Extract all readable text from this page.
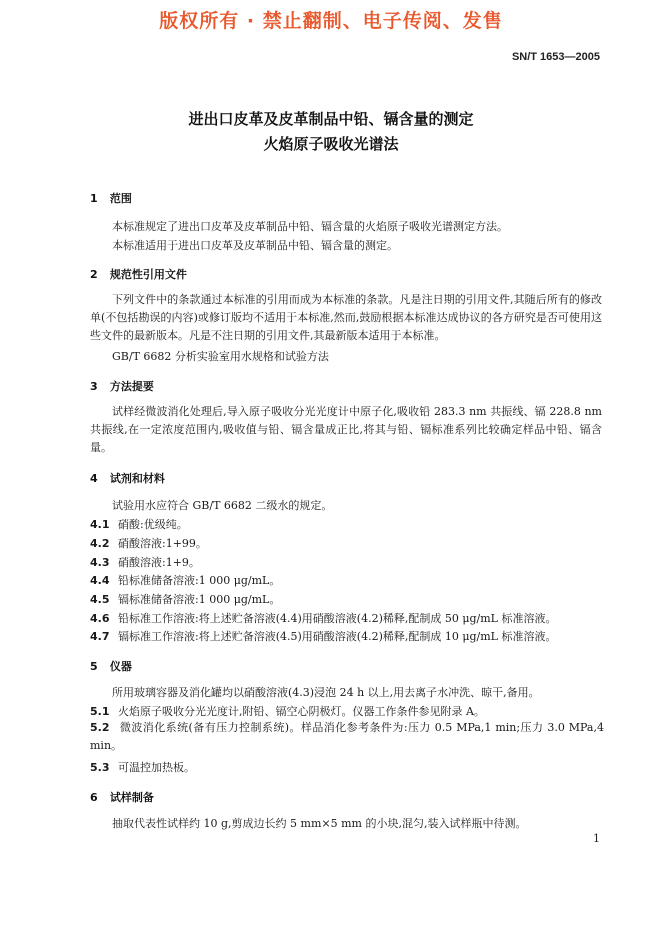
版权所有 · 禁止翻制、电子传阅、发售
SN/T 1653—2005
进出口皮革及皮革制品中铅、镉含量的测定
火焰原子吸收光谱法
1 范围
本标准规定了进出口皮革及皮革制品中铅、镉含量的火焰原子吸收光谱测定方法。
本标准适用于进出口皮革及皮革制品中铅、镉含量的测定。
2 规范性引用文件
下列文件中的条款通过本标准的引用而成为本标准的条款。凡是注日期的引用文件,其随后所有的修改单(不包括勘误的内容)或修订版均不适用于本标准,然而,鼓励根据本标准达成协议的各方研究是否可使用这些文件的最新版本。凡是不注日期的引用文件,其最新版本适用于本标准。
GB/T 6682 分析实验室用水规格和试验方法
3 方法提要
试样经微波消化处理后,导入原子吸收分光光度计中原子化,吸收铅 283.3 nm 共振线、镉 228.8 nm共振线,在一定浓度范围内,吸收值与铅、镉含量成正比,将其与铅、镉标准系列比较确定样品中铅、镉含量。
4 试剂和材料
试验用水应符合 GB/T 6682 二级水的规定。
4.1 硝酸:优级纯。
4.2 硝酸溶液:1+99。
4.3 硝酸溶液:1+9。
4.4 铅标准储备溶液:1 000 μg/mL。
4.5 镉标准储备溶液:1 000 μg/mL。
4.6 铅标准工作溶液:将上述贮备溶液(4.4)用硝酸溶液(4.2)稀释,配制成 50 μg/mL 标准溶液。
4.7 镉标准工作溶液:将上述贮备溶液(4.5)用硝酸溶液(4.2)稀释,配制成 10 μg/mL 标准溶液。
5 仪器
所用玻璃容器及消化罐均以硝酸溶液(4.3)浸泡 24 h 以上,用去离子水冲洗、晾干,备用。
5.1 火焰原子吸收分光光度计,附铅、镉空心阴极灯。仪器工作条件参见附录 A。
5.2 微波消化系统(备有压力控制系统)。样品消化参考条件为:压力 0.5 MPa,1 min;压力 3.0 MPa,4 min。
5.3 可温控加热板。
6 试样制备
抽取代表性试样约 10 g,剪成边长约 5 mm×5 mm 的小块,混匀,装入试样瓶中待测。
1
